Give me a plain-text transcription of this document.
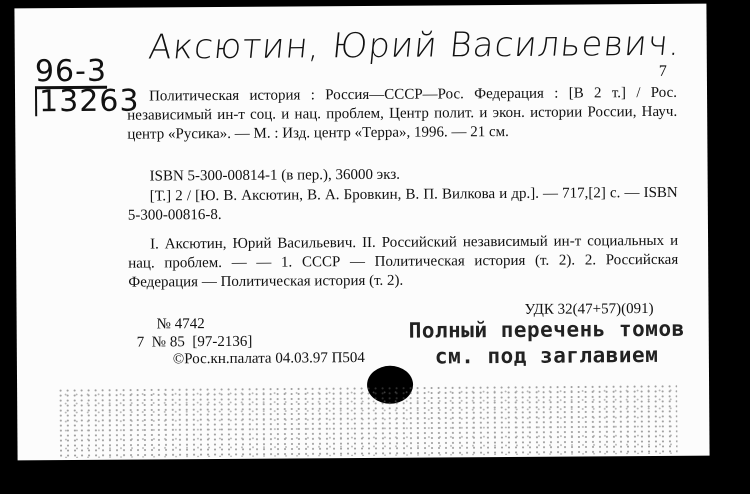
Аксютин, Юрий Васильевич.
96-3
13263
7
Политическая история : Россия—СССР—Рос. Федерация : [В 2 т.] / Рос. независимый ин-т соц. и нац. проблем, Центр полит. и экон. истории России, Науч. центр «Русика». — М. : Изд. центр «Терра», 1996. — 21 см.
ISBN 5-300-00814-1 (в пер.), 36000 экз.
[Т.] 2 / [Ю. В. Аксютин, В. А. Бровкин, В. П. Вилкова и др.]. — 717,[2] с. — ISBN 5-300-00816-8.
I. Аксютин, Юрий Васильевич. II. Российский независимый ин-т социальных и нац. проблем. — — 1. СССР — Политическая история (т. 2). 2. Российская Федерация — Политическая история (т. 2).
УДК 32(47+57)(091)
№ 4742
7  № 85  [97-2136]
©Рос.кн.палата 04.03.97 П504
Полный перечень томов
см. под заглавием
